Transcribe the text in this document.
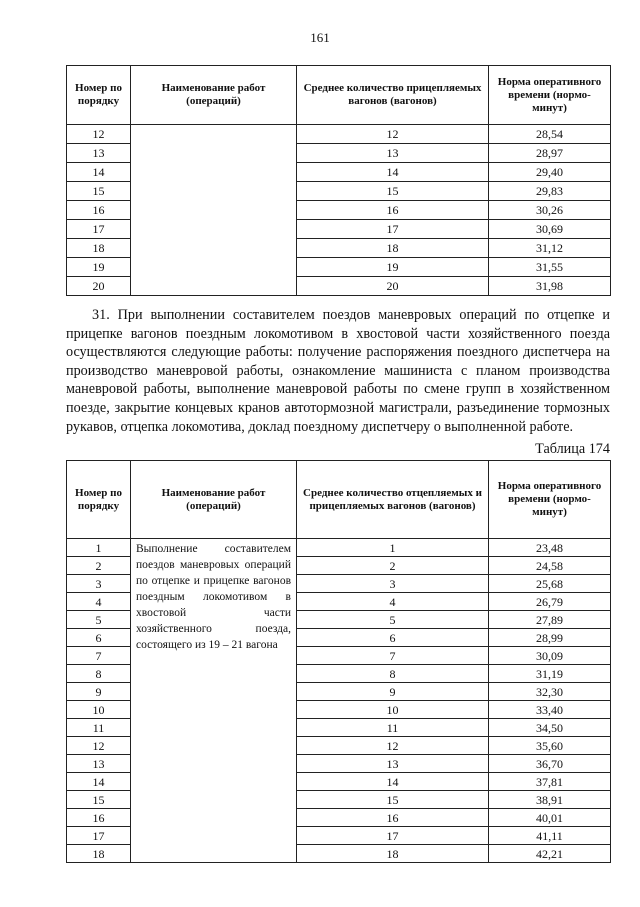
161
Номер по порядку	Наименование работ (операций)	Среднее количество прицепляемых вагонов (вагонов)	Норма оперативного времени (нормо-минут)
12		12	28,54
13		13	28,97
14		14	29,40
15		15	29,83
16		16	30,26
17		17	30,69
18		18	31,12
19		19	31,55
20		20	31,98
31. При выполнении составителем поездов маневровых операций по отцепке и прицепке вагонов поездным локомотивом в хвостовой части хозяйственного поезда осуществляются следующие работы: получение распоряжения поездного диспетчера на производство маневровой работы, ознакомление машиниста с планом производства маневровой работы, выполнение маневровой работы по смене групп в хозяйственном поезде, закрытие концевых кранов автотормозной магистрали, разъединение тормозных рукавов, отцепка локомотива, доклад поездному диспетчеру о выполненной работе.
Таблица 174
Номер по порядку	Наименование работ (операций)	Среднее количество отцепляемых и прицепляемых вагонов (вагонов)	Норма оперативного времени (нормо-минут)
1	Выполнение составителем поездов маневровых операций по отцепке и прицепке вагонов поездным локомотивом в хвостовой части хозяйственного поезда, состоящего из 19 – 21 вагона	1	23,48
2		2	24,58
3		3	25,68
4		4	26,79
5		5	27,89
6		6	28,99
7		7	30,09
8		8	31,19
9		9	32,30
10		10	33,40
11		11	34,50
12		12	35,60
13		13	36,70
14		14	37,81
15		15	38,91
16		16	40,01
17		17	41,11
18		18	42,21
